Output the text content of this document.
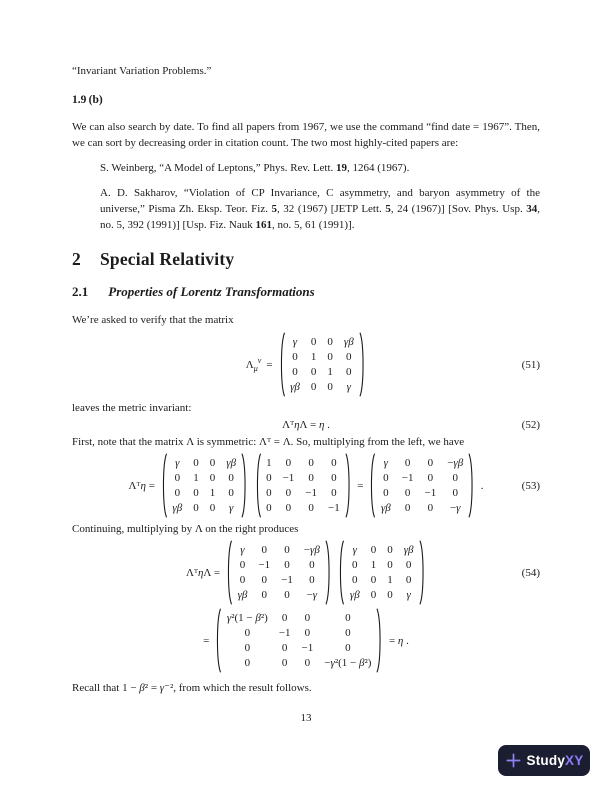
“Invariant Variation Problems.”

1.9 (b)

We can also search by date. To find all papers from 1967, we use the command “find date = 1967”. Then, we can sort by decreasing order in citation count. The two most highly-cited papers are:

S. Weinberg, “A Model of Leptons,” Phys. Rev. Lett. 19, 1264 (1967).

A. D. Sakharov, “Violation of CP Invariance, C asymmetry, and baryon asymmetry of the universe,” Pisma Zh. Eksp. Teor. Fiz. 5, 32 (1967) [JETP Lett. 5, 24 (1967)] [Sov. Phys. Usp. 34, no. 5, 392 (1991)] [Usp. Fiz. Nauk 161, no. 5, 61 (1991)].

2 Special Relativity
2.1 Properties of Lorentz Transformations

We’re asked to verify that the matrix

$\Lambda_\mu^\nu$ =
γ 0 0 γβ
0 1 0 0
0 0 1 0
γβ 0 0 γ
(51)

leaves the metric invariant:

ΛᵀηΛ = η .	(52)

First, note that the matrix Λ is symmetric: Λᵀ = Λ. So, multiplying from the left, we have

Λᵀη =
γ 0 0 γβ
0 1 0 0
0 0 1 0
γβ 0 0 γ
1 0 0 0
0 −1 0 0
0 0 −1 0
0 0 0 −1
=
γ 0 0 −γβ
0 −1 0 0
0 0 −1 0
γβ 0 0 −γ
.	(53)

Continuing, multiplying by Λ on the right produces

ΛᵀηΛ =
γ 0 0 −γβ
0 −1 0 0
0 0 −1 0
γβ 0 0 −γ
γ 0 0 γβ
0 1 0 0
0 0 1 0
γβ 0 0 γ
(54)
=
γ²(1 − β²) 0 0	0
0	−1 0	0
0	0 −1	0
0	0 0 −γ²(1 − β²)
= η .

Recall that 1 − β² = γ⁻², from which the result follows.

13

StudyXY
